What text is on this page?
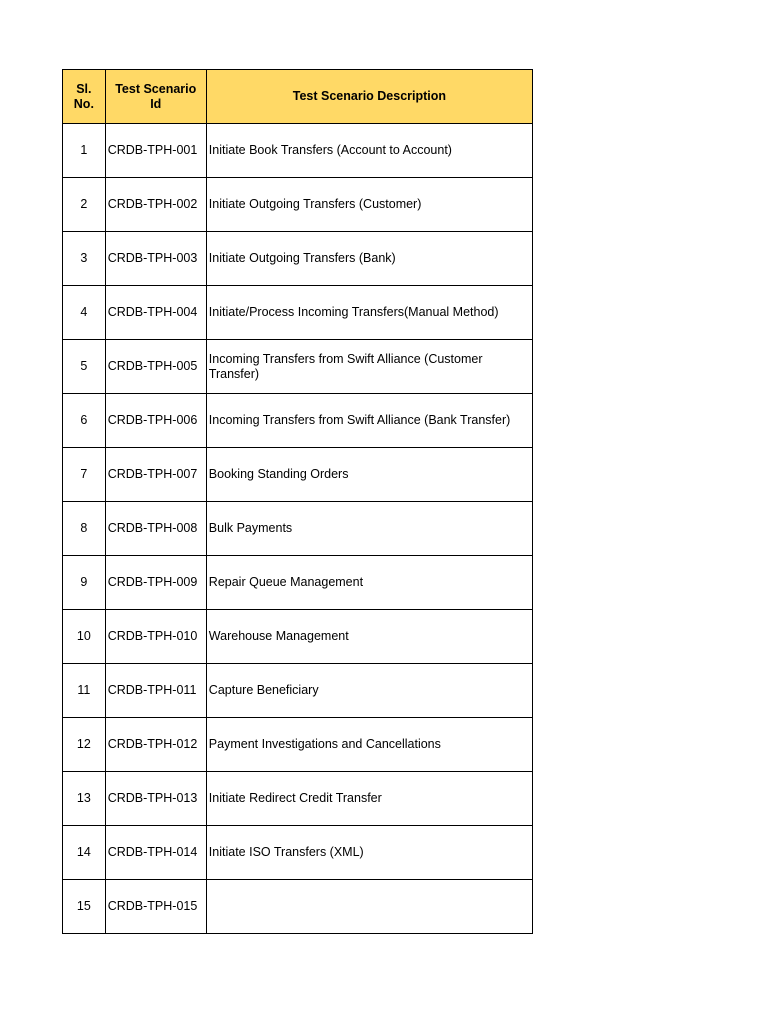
Sl. No.	Test Scenario Id	Test Scenario Description
1	CRDB-TPH-001	Initiate Book Transfers (Account to Account)
2	CRDB-TPH-002	Initiate Outgoing Transfers (Customer)
3	CRDB-TPH-003	Initiate Outgoing Transfers (Bank)
4	CRDB-TPH-004	Initiate/Process Incoming Transfers(Manual Method)
5	CRDB-TPH-005	Incoming Transfers from Swift Alliance (Customer Transfer)
6	CRDB-TPH-006	Incoming Transfers from Swift Alliance (Bank Transfer)
7	CRDB-TPH-007	Booking Standing Orders
8	CRDB-TPH-008	Bulk Payments
9	CRDB-TPH-009	Repair Queue Management
10	CRDB-TPH-010	Warehouse Management
11	CRDB-TPH-011	Capture Beneficiary
12	CRDB-TPH-012	Payment Investigations and Cancellations
13	CRDB-TPH-013	Initiate Redirect Credit Transfer
14	CRDB-TPH-014	Initiate ISO Transfers (XML)
15	CRDB-TPH-015	
